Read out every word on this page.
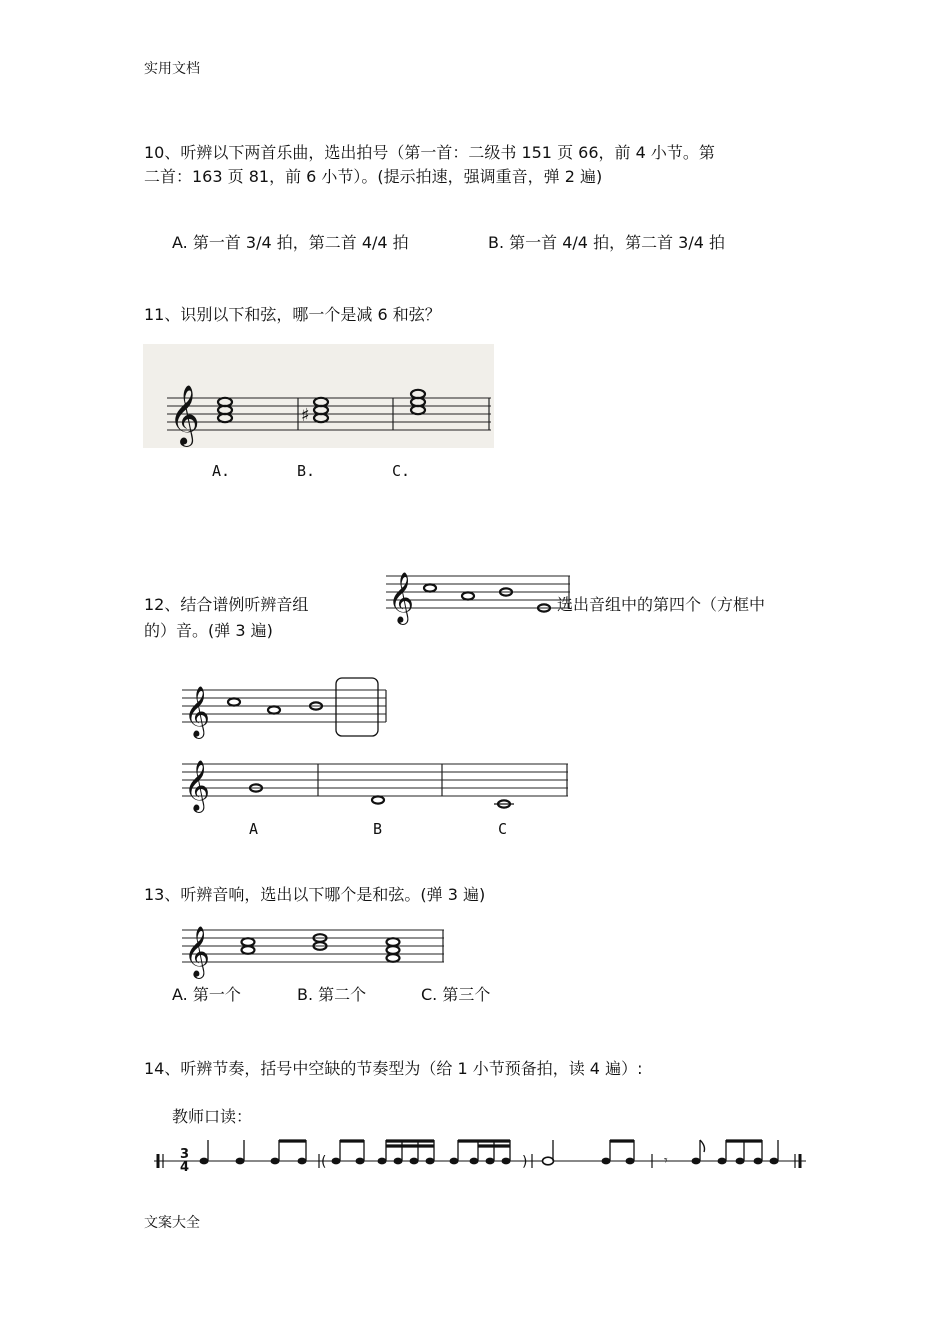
实用文档
文案大全
10、听辨以下两首乐曲，选出拍号（第一首：二级书 151 页 66，前 4 小节。第
二首：163 页 81，前 6 小节）。(提示拍速，强调重音，弹 2 遍)
A. 第一首 3/4 拍，第二首 4/4 拍	B. 第一首 4/4 拍，第二首 3/4 拍
11、识别以下和弦，哪一个是减 6 和弦？
𝄞	♯
A.	B.	C.
12、结合谱例听辨音组	选出音组中的第四个（方框中
的）音。(弹 3 遍)
𝄞
𝄞
𝄞
A	B	C
13、听辨音响，选出以下哪个是和弦。(弹 3 遍)
𝄞
A. 第一个	B. 第二个	C. 第三个
14、听辨节奏，括号中空缺的节奏型为（给 1 小节预备拍，读 4 遍）:
教师口读：
3
4	(	)	𝄾
